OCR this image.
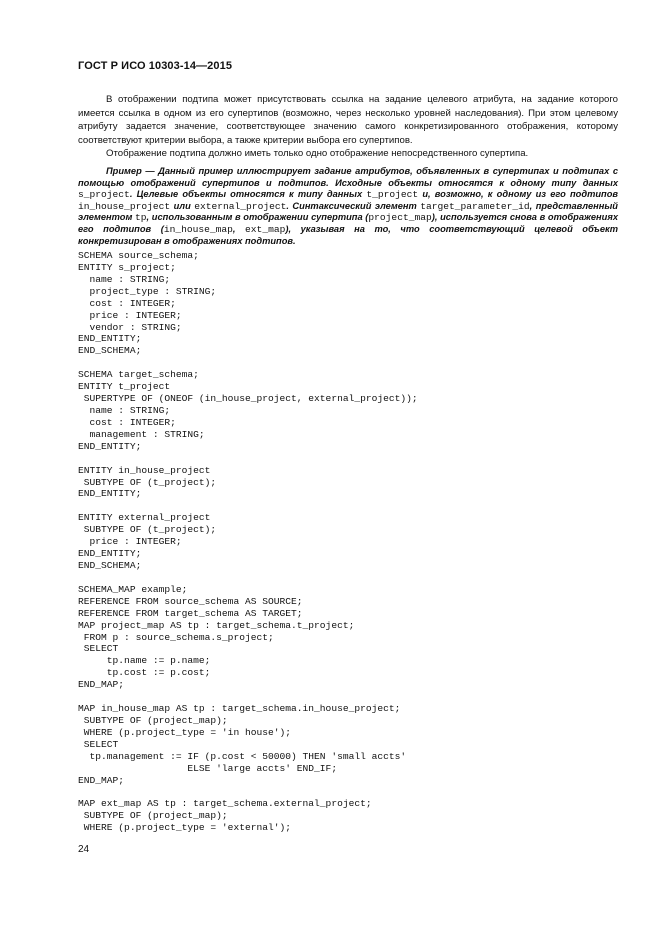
ГОСТ Р ИСО 10303-14—2015

В отображении подтипа может присутствовать ссылка на задание целевого атрибута, на задание которого имеется ссылка в одном из его супертипов (возможно, через несколько уровней наследования). При этом целевому атрибуту задается значение, соответствующее значению самого конкретизированного отображения, которому соответствуют критерии выбора, а также критерии выбора его супертипов.

Отображение подтипа должно иметь только одно отображение непосредственного супертипа.

Пример — Данный пример иллюстрирует задание атрибутов, объявленных в супертипах и подтипах с помощью отображений супертипов и подтипов. Исходные объекты относятся к одному типу данных s_project. Целевые объекты относятся к типу данных t_project и, возможно, к одному из его подтипов in_house_project или external_project. Синтаксический элемент target_parameter_id, представленный элементом tp, использованным в отображении супертипа (project_map), используется снова в отображениях его подтипов (in_house_map, ext_map), указывая на то, что соответствующий целевой объект конкретизирован в отображениях подтипов.

SCHEMA source_schema;
ENTITY s_project;
name : STRING;
project_type : STRING;
cost : INTEGER;
price : INTEGER;
vendor : STRING;
END_ENTITY;
END_SCHEMA;

SCHEMA target_schema;
ENTITY t_project
SUPERTYPE OF (ONEOF (in_house_project, external_project));
name : STRING;
cost : INTEGER;
management : STRING;
END_ENTITY;

ENTITY in_house_project
SUBTYPE OF (t_project);
END_ENTITY;

ENTITY external_project
SUBTYPE OF (t_project);
price : INTEGER;
END_ENTITY;
END_SCHEMA;

SCHEMA_MAP example;
REFERENCE FROM source_schema AS SOURCE;
REFERENCE FROM target_schema AS TARGET;
MAP project_map AS tp : target_schema.t_project;
FROM p : source_schema.s_project;
SELECT
tp.name := p.name;
tp.cost := p.cost;
END_MAP;

MAP in_house_map AS tp : target_schema.in_house_project;
SUBTYPE OF (project_map);
WHERE (p.project_type = 'in house');
SELECT
tp.management := IF (p.cost < 50000) THEN 'small accts'
ELSE 'large accts' END_IF;
END_MAP;

MAP ext_map AS tp : target_schema.external_project;
SUBTYPE OF (project_map);
WHERE (p.project_type = 'external');
24
